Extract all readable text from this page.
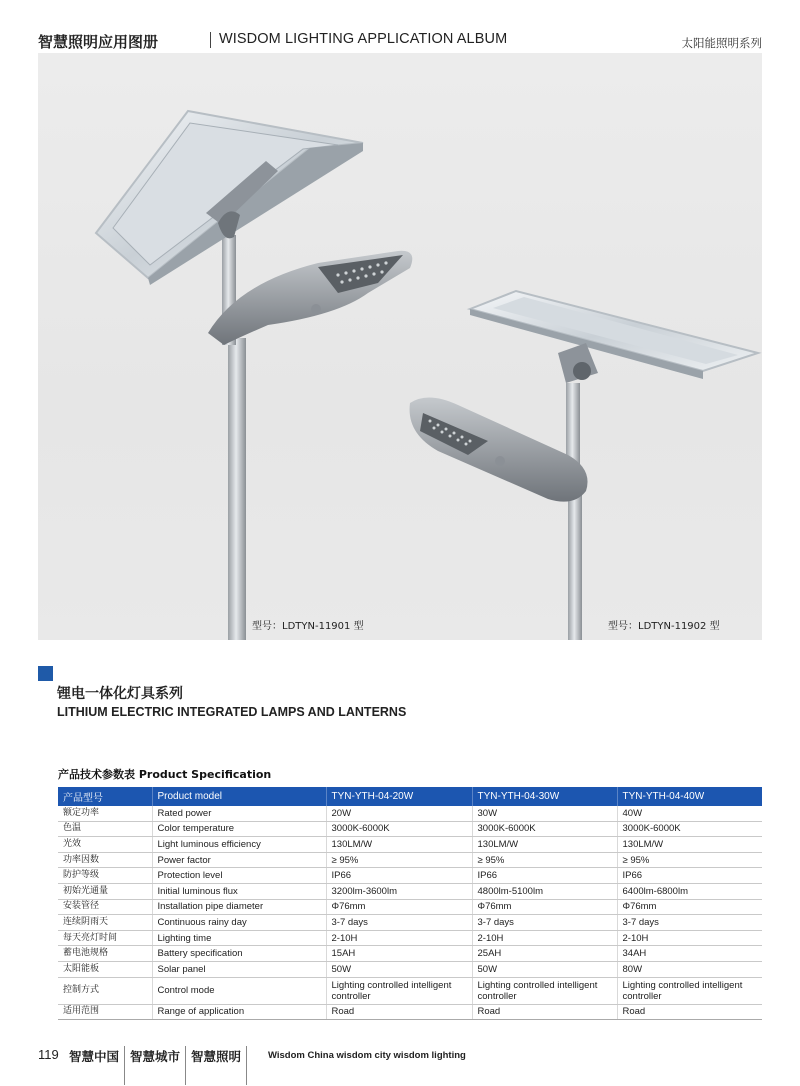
智慧照明应用图册	WISDOM LIGHTING APPLICATION ALBUM	太阳能照明系列
型号：LDTYN-11901 型	型号：LDTYN-11902 型
锂电一体化灯具系列
LITHIUM ELECTRIC INTEGRATED LAMPS AND LANTERNS
产品技术参数表 Product Specification
产品型号	Product model	TYN-YTH-04-20W	TYN-YTH-04-30W	TYN-YTH-04-40W
额定功率	Rated power	20W	30W	40W
色温	Color temperature	3000K-6000K	3000K-6000K	3000K-6000K
光效	Light luminous efficiency	130LM/W	130LM/W	130LM/W
功率因数	Power factor	≥ 95%	≥ 95%	≥ 95%
防护等级	Protection level	IP66	IP66	IP66
初始光通量	Initial luminous flux	3200lm-3600lm	4800lm-5100lm	6400lm-6800lm
安装管径	Installation pipe diameter	Φ76mm	Φ76mm	Φ76mm
连续阴雨天	Continuous rainy day	3-7 days	3-7 days	3-7 days
每天亮灯时间	Lighting time	2-10H	2-10H	2-10H
蓄电池规格	Battery specification	15AH	25AH	34AH
太阳能板	Solar panel	50W	50W	80W
控制方式	Control mode	Lighting controlled intelligent controller	Lighting controlled intelligent controller	Lighting controlled intelligent controller
适用范围	Range of application	Road	Road	Road
119 智慧中国 智慧城市 智慧照明	Wisdom China wisdom city wisdom lighting
